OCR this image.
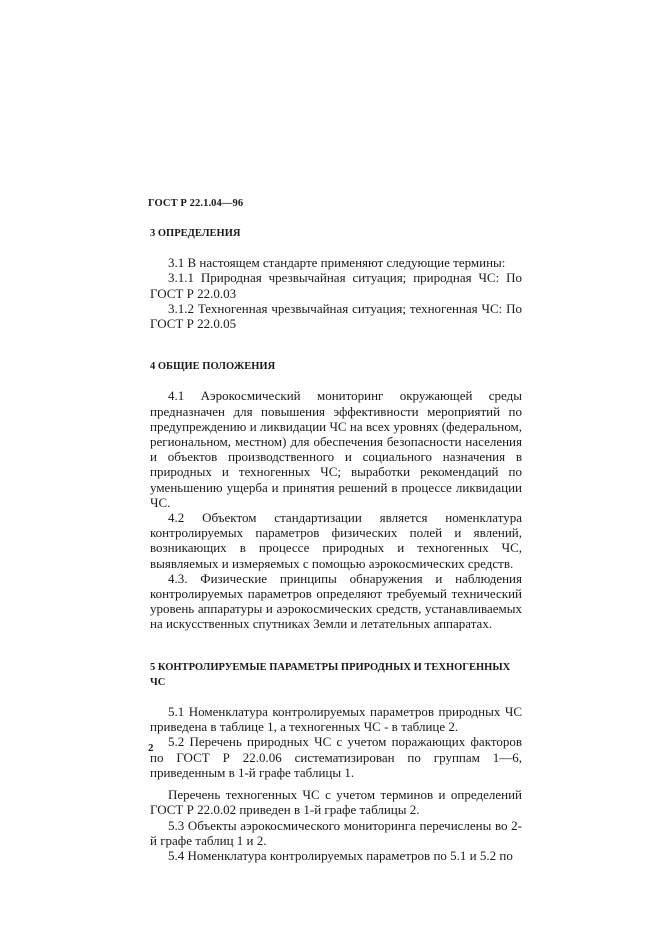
ГОСТ Р 22.1.04—96
3 ОПРЕДЕЛЕНИЯ

3.1 В настоящем стандарте применяют следующие термины:

3.1.1 Природная чрезвычайная ситуация; природная ЧС: По ГОСТ Р 22.0.03

3.1.2 Техногенная чрезвычайная ситуация; техногенная ЧС: По ГОСТ Р 22.0.05

4 ОБЩИЕ ПОЛОЖЕНИЯ

4.1 Аэрокосмический мониторинг окружающей среды предназначен для повышения эффективности мероприятий по предупреждению и ликвидации ЧС на всех уровнях (федеральном, региональном, местном) для обеспечения безопасности населения и объектов производственного и социального назначения в природных и техногенных ЧС; выработки рекомендаций по уменьшению ущерба и принятия решений в процессе ликвидации ЧС.

4.2 Объектом стандартизации является номенклатура контролируемых параметров физических полей и явлений, возникающих в процессе природных и техногенных ЧС, выявляемых и измеряемых с помощью аэрокосмических средств.

4.3. Физические принципы обнаружения и наблюдения контролируемых параметров определяют требуемый технический уровень аппаратуры и аэрокосмических средств, устанавливаемых на искусственных спутниках Земли и летательных аппаратах.

5 КОНТРОЛИРУЕМЫЕ ПАРАМЕТРЫ ПРИРОДНЫХ И ТЕХНОГЕННЫХ ЧС

5.1 Номенклатура контролируемых параметров природных ЧС приведена в таблице 1, а техногенных ЧС - в таблице 2.

5.2 Перечень природных ЧС с учетом поражающих факторов по ГОСТ Р 22.0.06 систематизирован по группам 1—6, приведенным в 1-й графе таблицы 1.

Перечень техногенных ЧС с учетом терминов и определений ГОСТ Р 22.0.02 приведен в 1-й графе таблицы 2.

5.3 Объекты аэрокосмического мониторинга перечислены во 2-й графе таблиц 1 и 2.

5.4 Номенклатура контролируемых параметров по 5.1 и 5.2 по

2
